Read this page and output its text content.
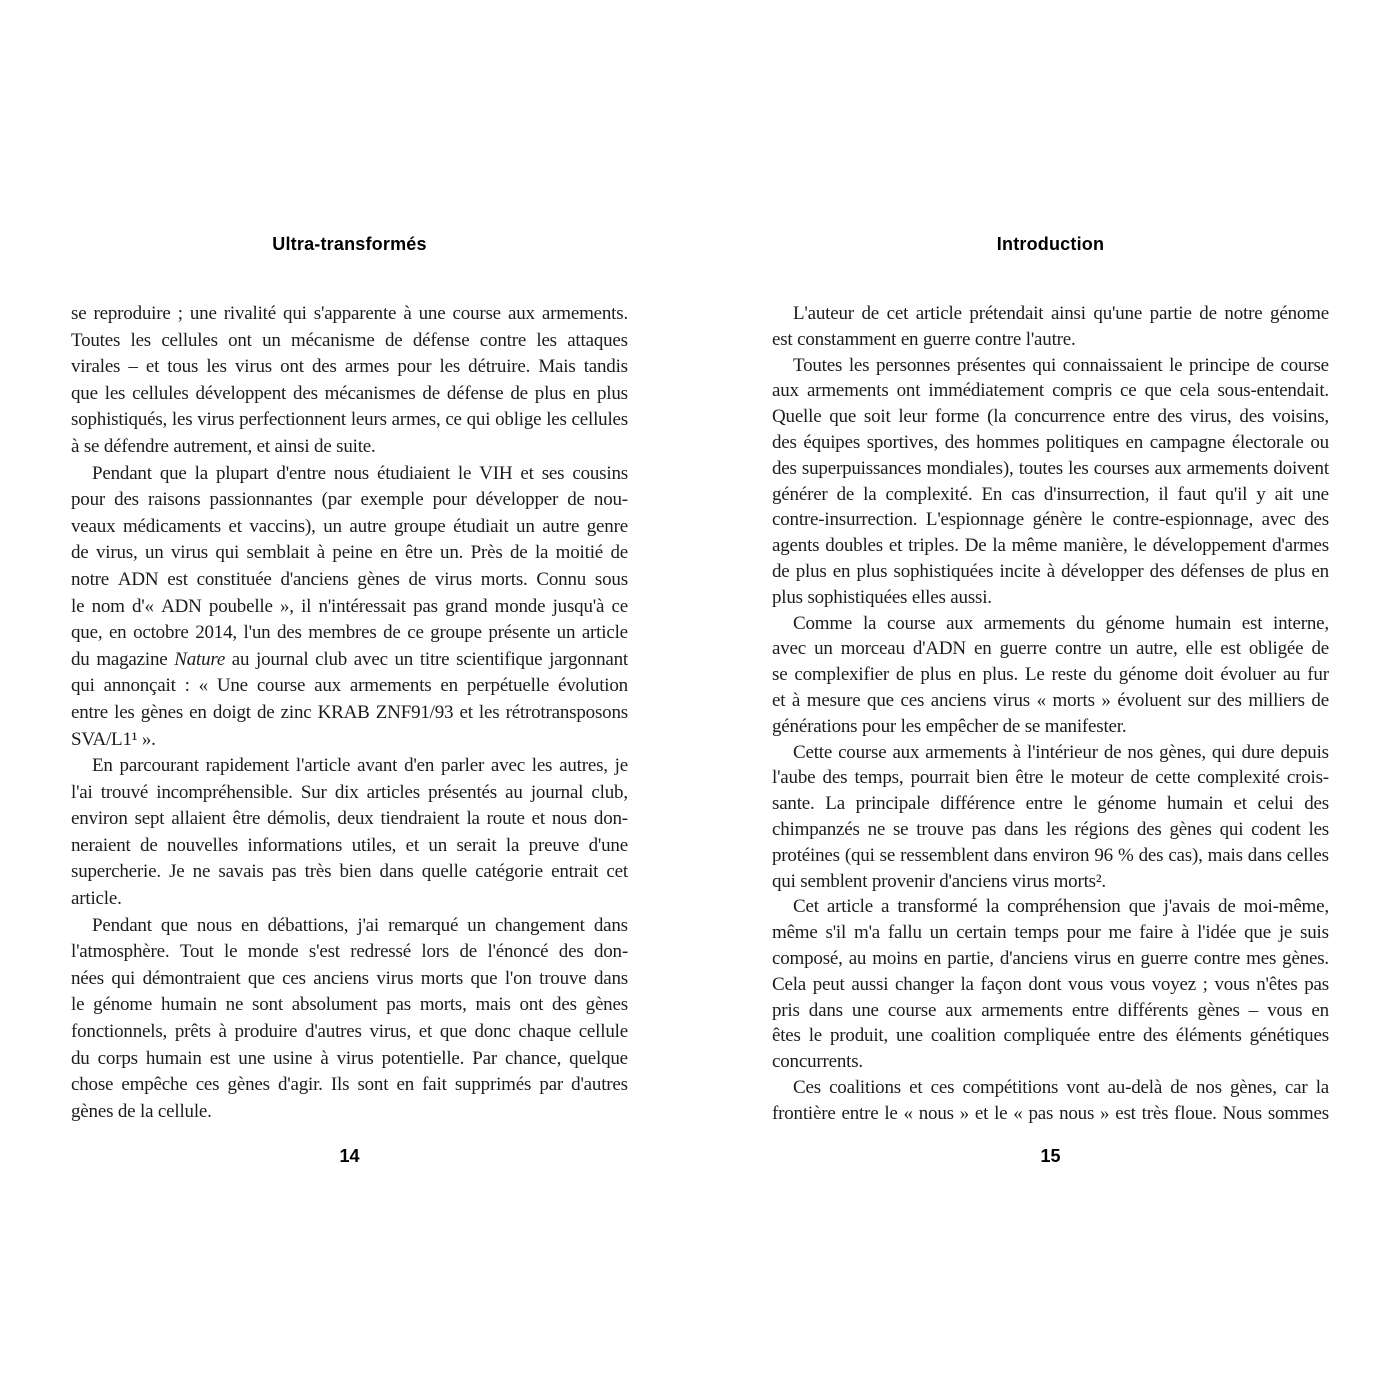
Ultra-transformés	Introduction
se reproduire ; une rivalité qui s'apparente à une course aux armements.
Toutes les cellules ont un mécanisme de défense contre les attaques
virales – et tous les virus ont des armes pour les détruire. Mais tandis
que les cellules développent des mécanismes de défense de plus en plus
sophistiqués, les virus perfectionnent leurs armes, ce qui oblige les cellules
à se défendre autrement, et ainsi de suite.
Pendant que la plupart d'entre nous étudiaient le VIH et ses cousins
pour des raisons passionnantes (par exemple pour développer de nou-
veaux médicaments et vaccins), un autre groupe étudiait un autre genre
de virus, un virus qui semblait à peine en être un. Près de la moitié de
notre ADN est constituée d'anciens gènes de virus morts. Connu sous
le nom d'« ADN poubelle », il n'intéressait pas grand monde jusqu'à ce
que, en octobre 2014, l'un des membres de ce groupe présente un article
du magazine Nature au journal club avec un titre scientifique jargonnant
qui annonçait : « Une course aux armements en perpétuelle évolution
entre les gènes en doigt de zinc KRAB ZNF91/93 et les rétrotransposons
SVA/L1¹ ».
En parcourant rapidement l'article avant d'en parler avec les autres, je
l'ai trouvé incompréhensible. Sur dix articles présentés au journal club,
environ sept allaient être démolis, deux tiendraient la route et nous don-
neraient de nouvelles informations utiles, et un serait la preuve d'une
supercherie. Je ne savais pas très bien dans quelle catégorie entrait cet
article.
Pendant que nous en débattions, j'ai remarqué un changement dans
l'atmosphère. Tout le monde s'est redressé lors de l'énoncé des don-
nées qui démontraient que ces anciens virus morts que l'on trouve dans
le génome humain ne sont absolument pas morts, mais ont des gènes
fonctionnels, prêts à produire d'autres virus, et que donc chaque cellule
du corps humain est une usine à virus potentielle. Par chance, quelque
chose empêche ces gènes d'agir. Ils sont en fait supprimés par d'autres
gènes de la cellule.
L'auteur de cet article prétendait ainsi qu'une partie de notre génome
est constamment en guerre contre l'autre.
Toutes les personnes présentes qui connaissaient le principe de course
aux armements ont immédiatement compris ce que cela sous-entendait.
Quelle que soit leur forme (la concurrence entre des virus, des voisins,
des équipes sportives, des hommes politiques en campagne électorale ou
des superpuissances mondiales), toutes les courses aux armements doivent
générer de la complexité. En cas d'insurrection, il faut qu'il y ait une
contre-insurrection. L'espionnage génère le contre-espionnage, avec des
agents doubles et triples. De la même manière, le développement d'armes
de plus en plus sophistiquées incite à développer des défenses de plus en
plus sophistiquées elles aussi.
Comme la course aux armements du génome humain est interne,
avec un morceau d'ADN en guerre contre un autre, elle est obligée de
se complexifier de plus en plus. Le reste du génome doit évoluer au fur
et à mesure que ces anciens virus « morts » évoluent sur des milliers de
générations pour les empêcher de se manifester.
Cette course aux armements à l'intérieur de nos gènes, qui dure depuis
l'aube des temps, pourrait bien être le moteur de cette complexité crois-
sante. La principale différence entre le génome humain et celui des
chimpanzés ne se trouve pas dans les régions des gènes qui codent les
protéines (qui se ressemblent dans environ 96 % des cas), mais dans celles
qui semblent provenir d'anciens virus morts².
Cet article a transformé la compréhension que j'avais de moi-même,
même s'il m'a fallu un certain temps pour me faire à l'idée que je suis
composé, au moins en partie, d'anciens virus en guerre contre mes gènes.
Cela peut aussi changer la façon dont vous vous voyez ; vous n'êtes pas
pris dans une course aux armements entre différents gènes – vous en
êtes le produit, une coalition compliquée entre des éléments génétiques
concurrents.
Ces coalitions et ces compétitions vont au-delà de nos gènes, car la
frontière entre le « nous » et le « pas nous » est très floue. Nous sommes
14	15
